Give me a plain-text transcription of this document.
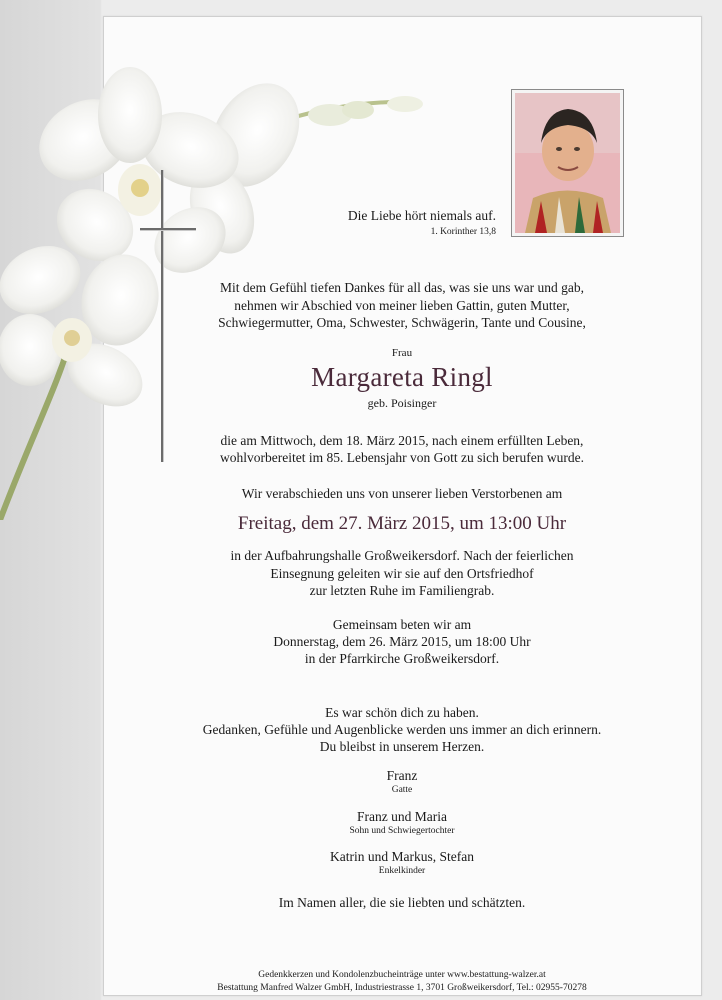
Die Liebe hört niemals auf.
1. Korinther 13,8
Mit dem Gefühl tiefen Dankes für all das, was sie uns war und gab,
nehmen wir Abschied von meiner lieben Gattin, guten Mutter,
Schwiegermutter, Oma, Schwester, Schwägerin, Tante und Cousine,
Frau
Margareta Ringl
geb. Poisinger
die am Mittwoch, dem 18. März 2015, nach einem erfüllten Leben,
wohlvorbereitet im 85. Lebensjahr von Gott zu sich berufen wurde.
Wir verabschieden uns von unserer lieben Verstorbenen am
Freitag, dem 27. März 2015, um 13:00 Uhr
in der Aufbahrungshalle Großweikersdorf. Nach der feierlichen
Einsegnung geleiten wir sie auf den Ortsfriedhof
zur letzten Ruhe im Familiengrab.
Gemeinsam beten wir am
Donnerstag, dem 26. März 2015, um 18:00 Uhr
in der Pfarrkirche Großweikersdorf.
Es war schön dich zu haben.
Gedanken, Gefühle und Augenblicke werden uns immer an dich erinnern.
Du bleibst in unserem Herzen.
Franz
Gatte
Franz und Maria
Sohn und Schwiegertochter
Katrin und Markus, Stefan
Enkelkinder
Im Namen aller, die sie liebten und schätzten.
Gedenkkerzen und Kondolenzbucheinträge unter www.bestattung-walzer.at
Bestattung Manfred Walzer GmbH, Industriestrasse 1, 3701 Großweikersdorf, Tel.: 02955-70278
